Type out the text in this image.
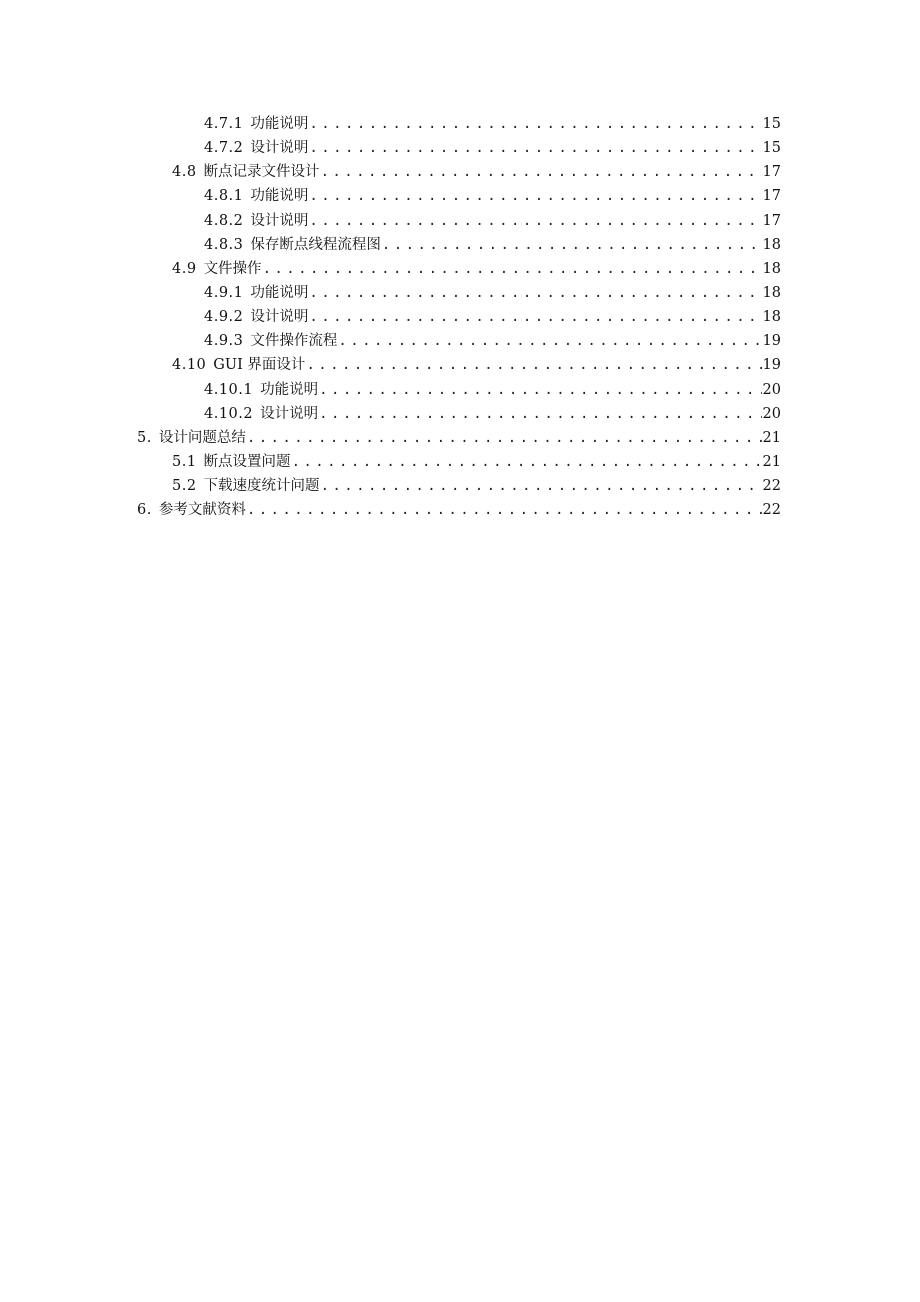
4.7.1 功能说明 . . .	15
4.7.2 设计说明 . . .	15
4.8 断点记录文件设计 . . .	17
4.8.1 功能说明 . . .	17
4.8.2 设计说明 . . .	17
4.8.3 保存断点线程流程图 . . .	18
4.9 文件操作 . . .	18
4.9.1 功能说明 . . .	18
4.9.2 设计说明 . . .	18
4.9.3 文件操作流程 . . .	19
4.10 GUI 界面设计 . . .	19
4.10.1 功能说明 . . .	20
4.10.2 设计说明 . . .	20
5. 设计问题总结 . . .	21
5.1 断点设置问题 . . .	21
5.2 下载速度统计问题 . . .	22
6. 参考文献资料 . . .	22
